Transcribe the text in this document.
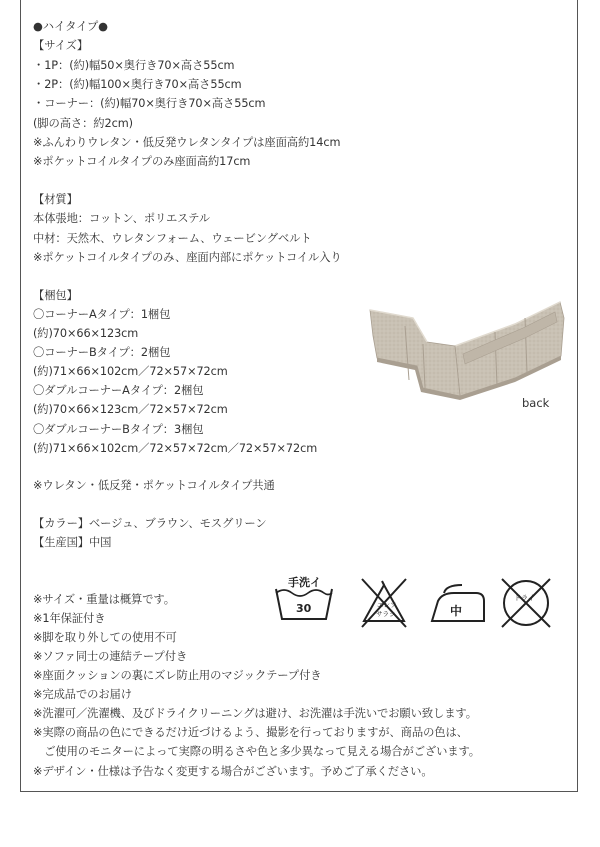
●ハイタイプ●
【サイズ】
・1P：(約)幅50×奥行き70×高さ55cm
・2P：(約)幅100×奥行き70×高さ55cm
・コーナー：(約)幅70×奥行き70×高さ55cm
(脚の高さ：約2cm)
※ふんわりウレタン・低反発ウレタンタイプは座面高約14cm
※ポケットコイルタイプのみ座面高約17cm
【材質】
本体張地：コットン、ポリエステル
中材：天然木、ウレタンフォーム、ウェービングベルト
※ポケットコイルタイプのみ、座面内部にポケットコイル入り
【梱包】
〇コーナーAタイプ：1梱包
(約)70×66×123cm
〇コーナーBタイプ：2梱包
(約)71×66×102cm／72×57×72cm
〇ダブルコーナーAタイプ：2梱包
(約)70×66×123cm／72×57×72cm
〇ダブルコーナーBタイプ：3梱包
(約)71×66×102cm／72×57×72cm／72×57×72cm
※ウレタン・低反発・ポケットコイルタイプ共通
【カラー】ベージュ、ブラウン、モスグリーン
【生産国】中国
※サイズ・重量は概算です。
※1年保証付き
※脚を取り外しての使用不可
※ソファ同士の連結テープ付き
※座面クッションの裏にズレ防止用のマジックテープ付き
※完成品でのお届け
※洗濯可／洗濯機、及びドライクリーニングは避け、お洗濯は手洗いでお願い致します。
※実際の商品の色にできるだけ近づけるよう、撮影を行っておりますが、商品の色は、
　ご使用のモニターによって実際の明るさや色と多少異なって見える場合がございます。
※デザイン・仕様は予告なく変更する場合がございます。予めご了承ください。
back
手洗イ
30	エンソ
サラシ	中
ドライ
